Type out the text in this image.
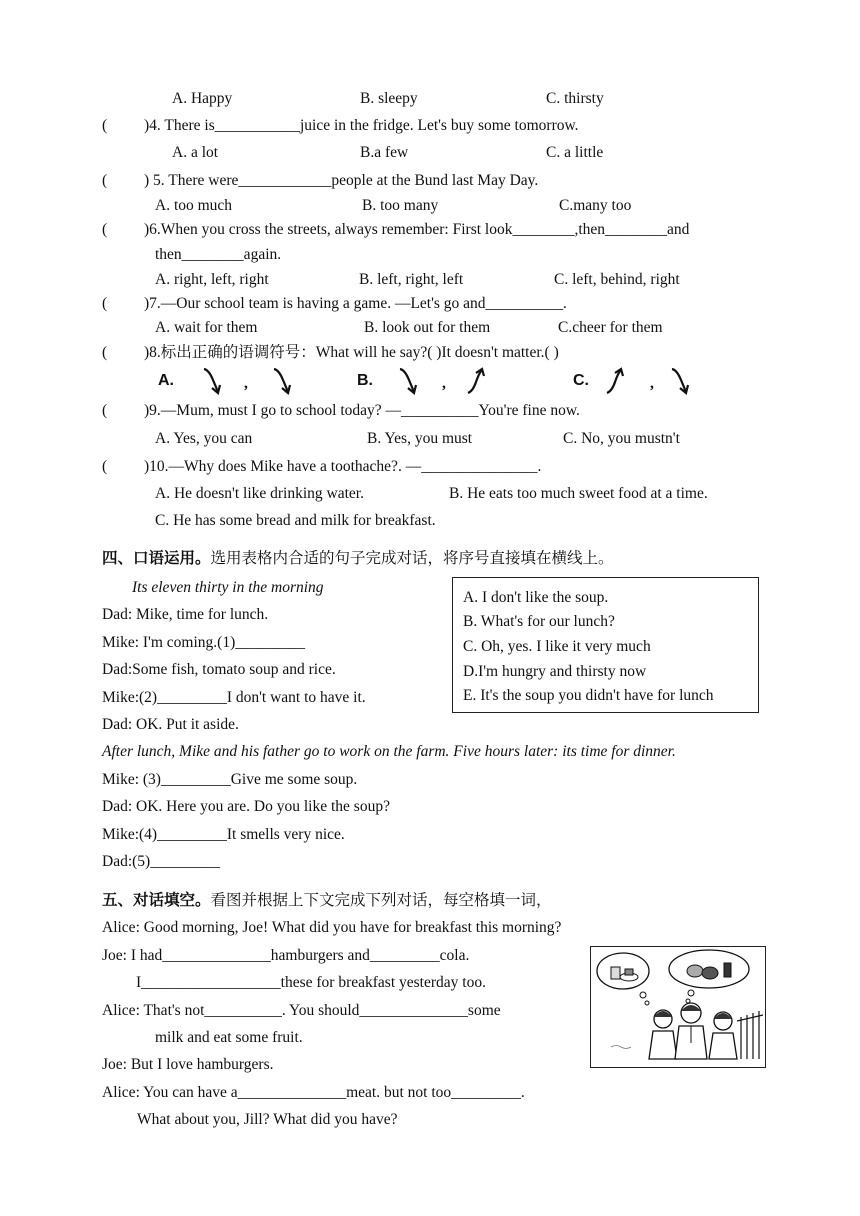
A. Happy	B. sleepy	C. thirsty
( )4. There is___________juice in the fridge. Let's buy some tomorrow.
A. a lot	B.a few	C. a little
( ) 5. There were____________people at the Bund last May Day.
A. too much	B. too many	C.many too
( )6.When you cross the streets, always remember: First look________,then________and
then________again.
A. right, left, right	B. left, right, left	C. left, behind, right
( )7.—Our school team is having a game. —Let's go and__________.
A. wait for them	B. look out for them	C.cheer for them
( )8.标出正确的语调符号：What will he say?( )It doesn't matter.( )
A.	,	B.	,	C.	,
( )9.—Mum, must I go to school today? —__________You're fine now.
A. Yes, you can	B. Yes, you must	C. No, you mustn't
( )10.—Why does Mike have a toothache?. —_______________.
A. He doesn't like drinking water.	B. He eats too much sweet food at a time.
C. He has some bread and milk for breakfast.
四、口语运用。选用表格内合适的句子完成对话，将序号直接填在横线上。
Its eleven thirty in the morning
Dad: Mike, time for lunch.
Mike: I'm coming.(1)_________
Dad:Some fish, tomato soup and rice.
Mike:(2)_________I don't want to have it.
Dad: OK. Put it aside.
After lunch, Mike and his father go to work on the farm. Five hours later: its time for dinner.
Mike: (3)_________Give me some soup.
Dad: OK. Here you are. Do you like the soup?
Mike:(4)_________It smells very nice.
Dad:(5)_________
A. I don't like the soup.
B. What's for our lunch?
C. Oh, yes. I like it very much
D.I'm hungry and thirsty now
E. It's the soup you didn't have for lunch
五、对话填空。看图并根据上下文完成下列对话，每空格填一词，
Alice: Good morning, Joe! What did you have for breakfast this morning?
Joe: I had______________hamburgers and_________cola.
I__________________these for breakfast yesterday too.
Alice: That's not__________. You should______________some
milk and eat some fruit.
Joe: But I love hamburgers.
Alice: You can have a______________meat. but not too_________.
What about you, Jill? What did you have?
